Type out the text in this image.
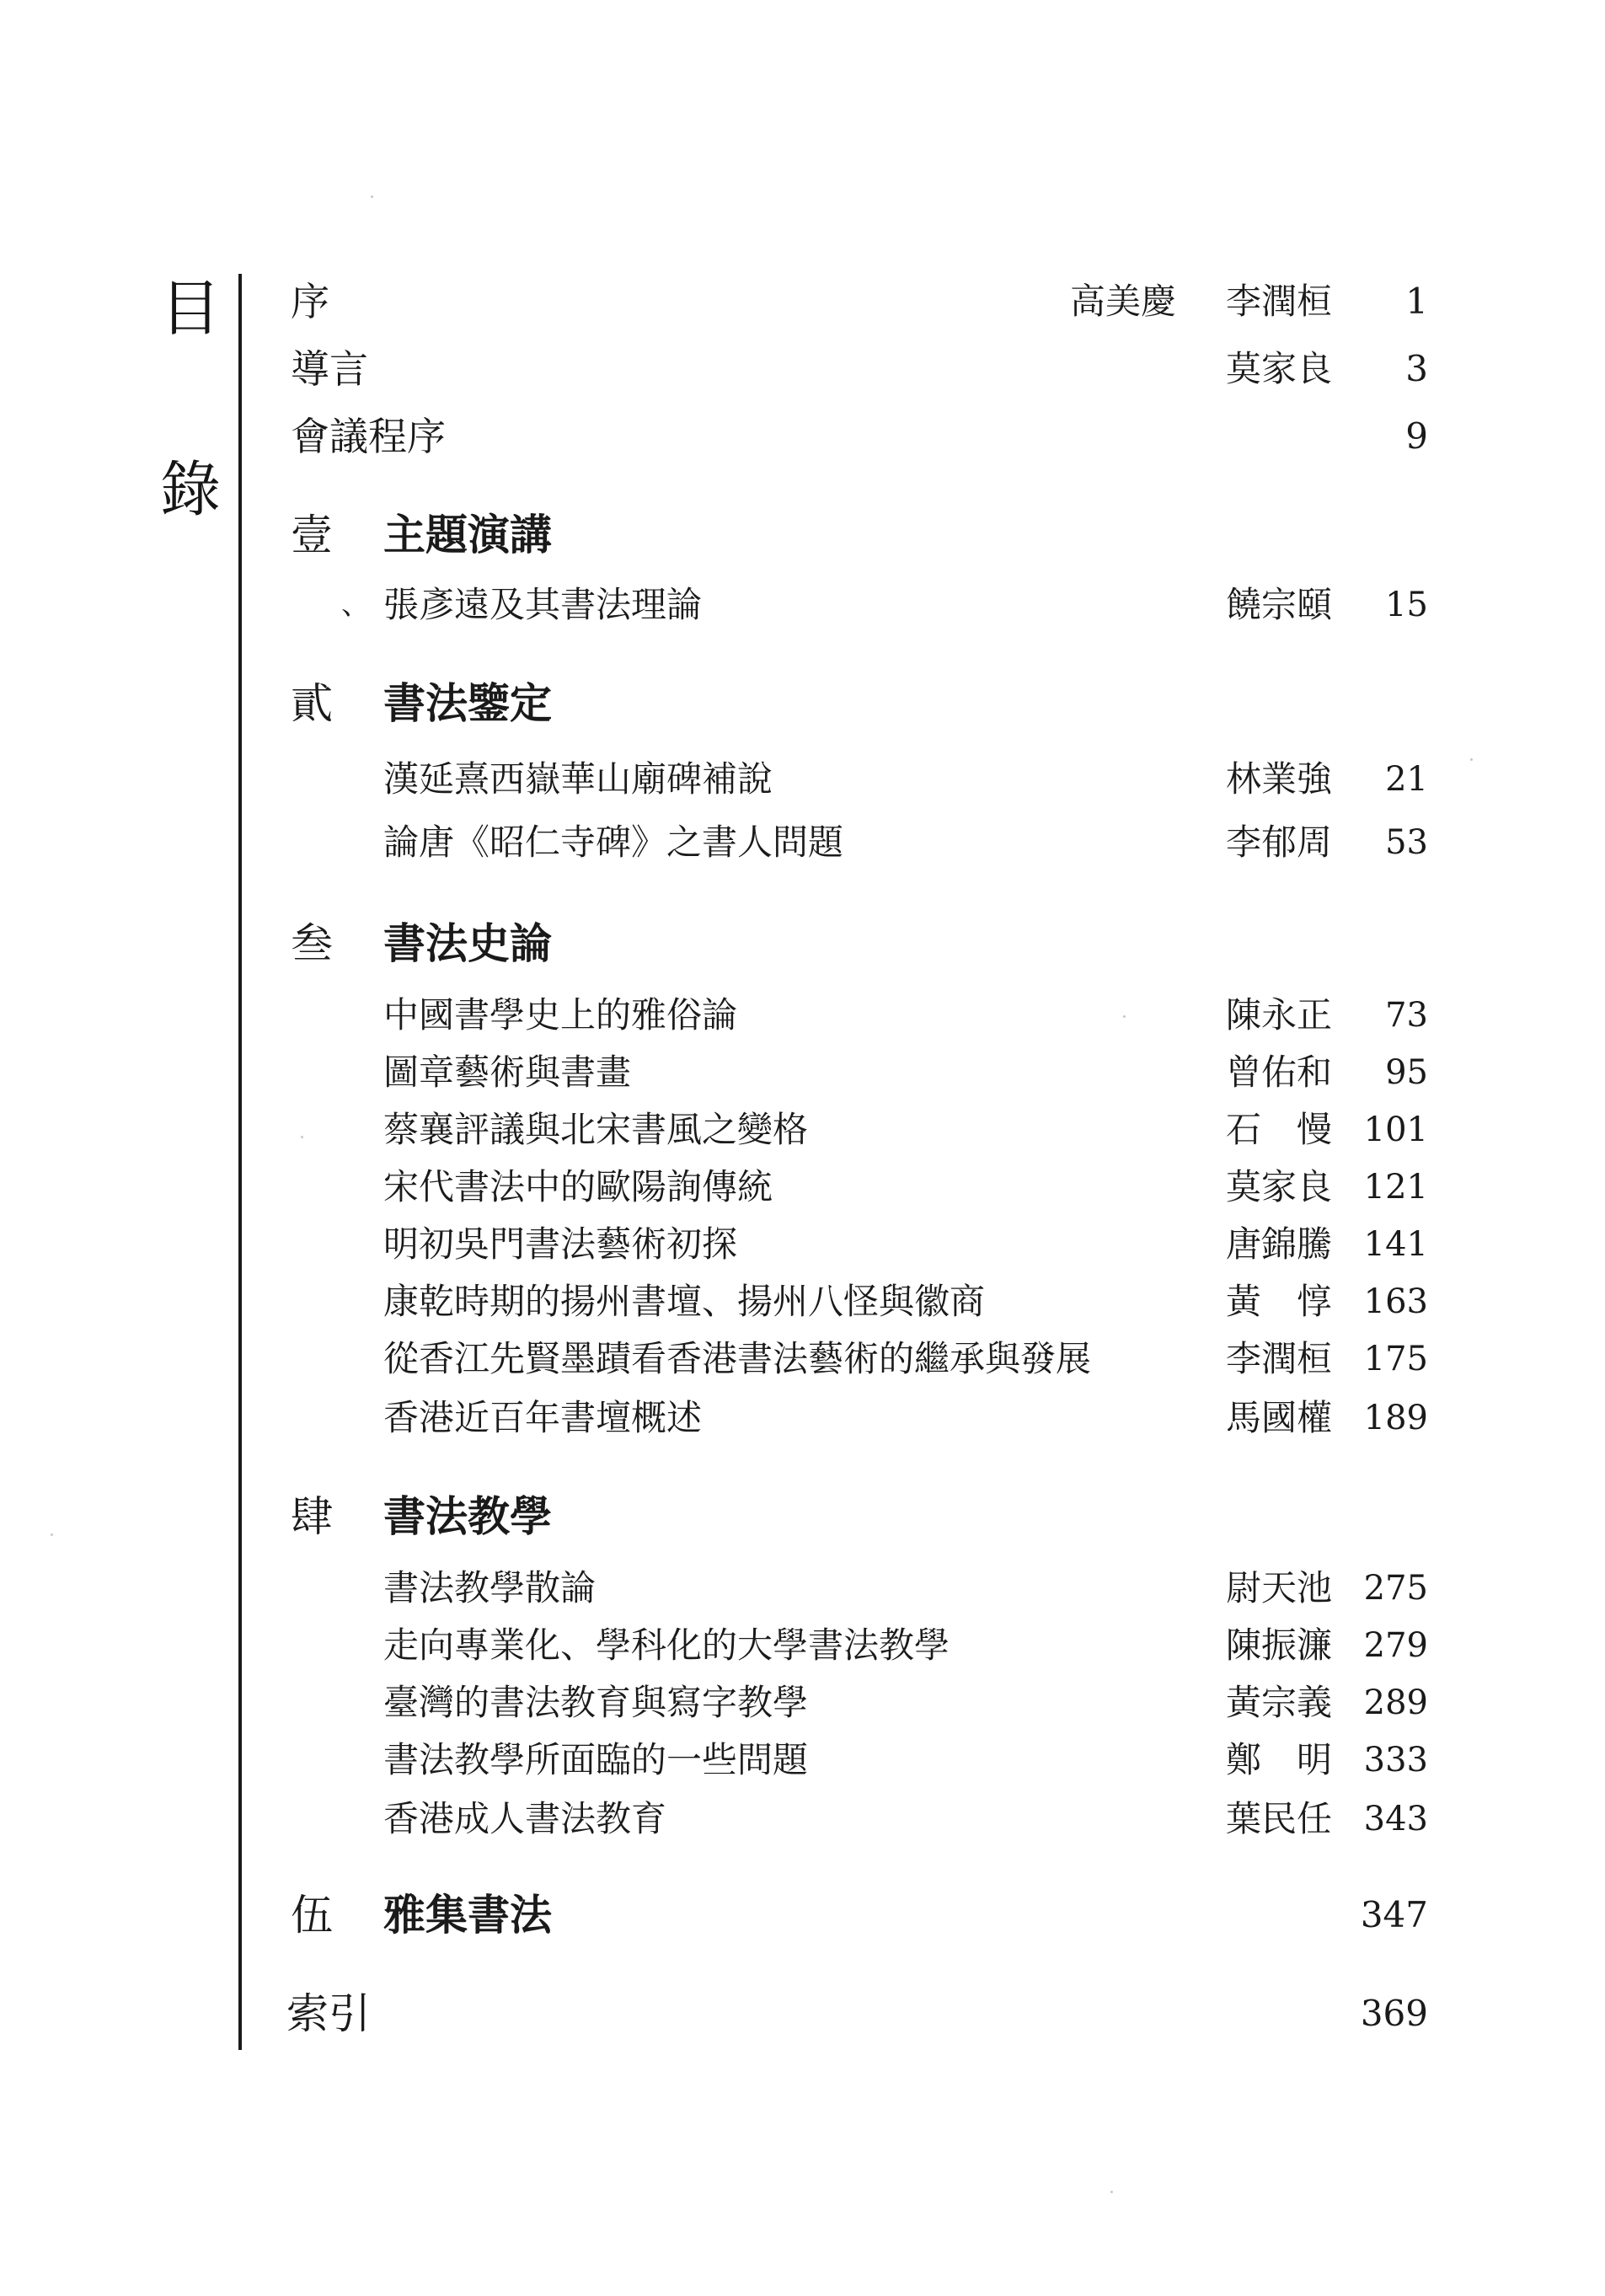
目
錄
序	高美慶 李潤桓 1
導言	莫家良 3
會議程序	9
壹 主題演講
、 張彥遠及其書法理論	饒宗頤 15
貳 書法鑒定
漢延熹西嶽華山廟碑補說	林業強 21
論唐《昭仁寺碑》之書人問題	李郁周 53
叁 書法史論
中國書學史上的雅俗論	陳永正 73
圖章藝術與書畫	曾佑和 95
蔡襄評議與北宋書風之變格	石　慢 101
宋代書法中的歐陽詢傳統	莫家良 121
明初吳門書法藝術初探	唐錦騰 141
康乾時期的揚州書壇、揚州八怪與徽商	黃　惇 163
從香江先賢墨蹟看香港書法藝術的繼承與發展	李潤桓 175
香港近百年書壇概述	馬國權 189
肆 書法教學
書法教學散論	尉天池 275
走向專業化、學科化的大學書法教學	陳振濂 279
臺灣的書法教育與寫字教學	黃宗義 289
書法教學所面臨的一些問題	鄭　明 333
香港成人書法教育	葉民任 343
伍 雅集書法	347
索引	369
